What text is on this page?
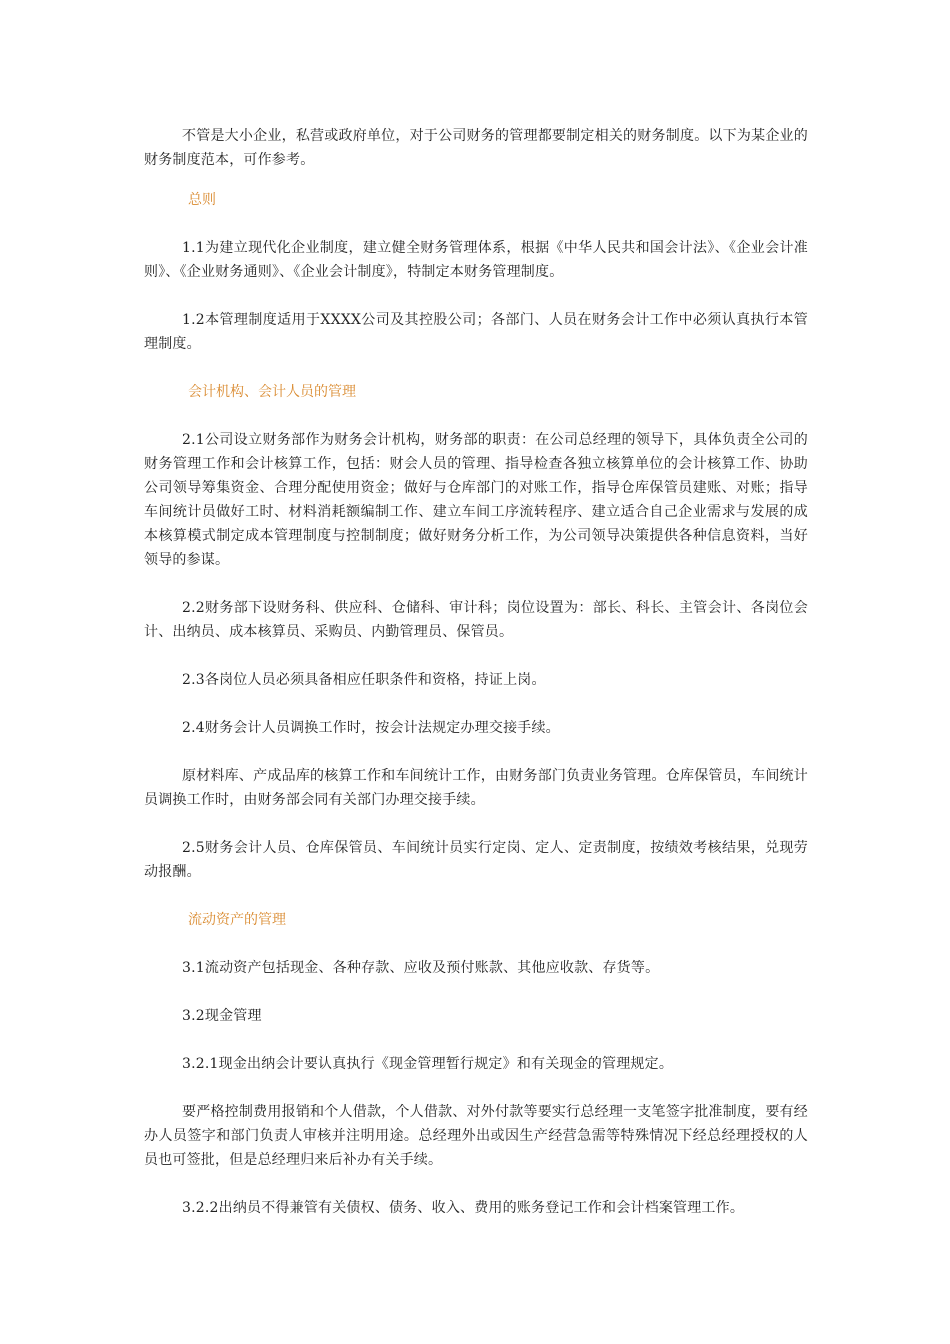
不管是大小企业，私营或政府单位，对于公司财务的管理都要制定相关的财务制度。以下为某企业的财务制度范本，可作参考。

总则

1.1为建立现代化企业制度，建立健全财务管理体系，根据《中华人民共和国会计法》、《企业会计准则》、《企业财务通则》、《企业会计制度》，特制定本财务管理制度。

1.2本管理制度适用于XXXX公司及其控股公司；各部门、人员在财务会计工作中必须认真执行本管理制度。

会计机构、会计人员的管理

2.1公司设立财务部作为财务会计机构，财务部的职责：在公司总经理的领导下，具体负责全公司的财务管理工作和会计核算工作，包括：财会人员的管理、指导检查各独立核算单位的会计核算工作、协助公司领导筹集资金、合理分配使用资金；做好与仓库部门的对账工作，指导仓库保管员建账、对账；指导车间统计员做好工时、材料消耗额编制工作、建立车间工序流转程序、建立适合自己企业需求与发展的成本核算模式制定成本管理制度与控制制度；做好财务分析工作，为公司领导决策提供各种信息资料，当好领导的参谋。

2.2财务部下设财务科、供应科、仓储科、审计科；岗位设置为：部长、科长、主管会计、各岗位会计、出纳员、成本核算员、采购员、内勤管理员、保管员。

2.3各岗位人员必须具备相应任职条件和资格，持证上岗。

2.4财务会计人员调换工作时，按会计法规定办理交接手续。

原材料库、产成品库的核算工作和车间统计工作，由财务部门负责业务管理。仓库保管员，车间统计员调换工作时，由财务部会同有关部门办理交接手续。

2.5财务会计人员、仓库保管员、车间统计员实行定岗、定人、定责制度，按绩效考核结果，兑现劳动报酬。

流动资产的管理

3.1流动资产包括现金、各种存款、应收及预付账款、其他应收款、存货等。

3.2现金管理

3.2.1现金出纳会计要认真执行《现金管理暂行规定》和有关现金的管理规定。

要严格控制费用报销和个人借款，个人借款、对外付款等要实行总经理一支笔签字批准制度，要有经办人员签字和部门负责人审核并注明用途。总经理外出或因生产经营急需等特殊情况下经总经理授权的人员也可签批，但是总经理归来后补办有关手续。

3.2.2出纳员不得兼管有关债权、债务、收入、费用的账务登记工作和会计档案管理工作。
